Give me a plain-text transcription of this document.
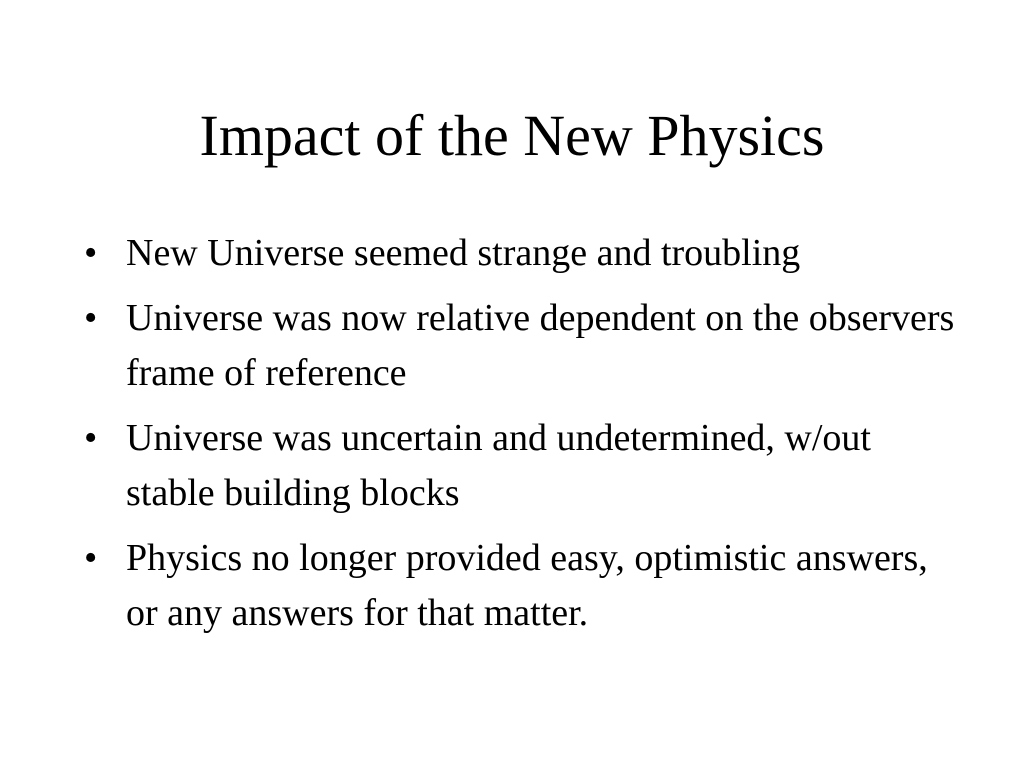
Impact of the New Physics
• New Universe seemed strange and troubling
• Universe was now relative dependent on the observers frame of reference
• Universe was uncertain and undetermined, w/out stable building blocks
• Physics no longer provided easy, optimistic answers, or any answers for that matter.
